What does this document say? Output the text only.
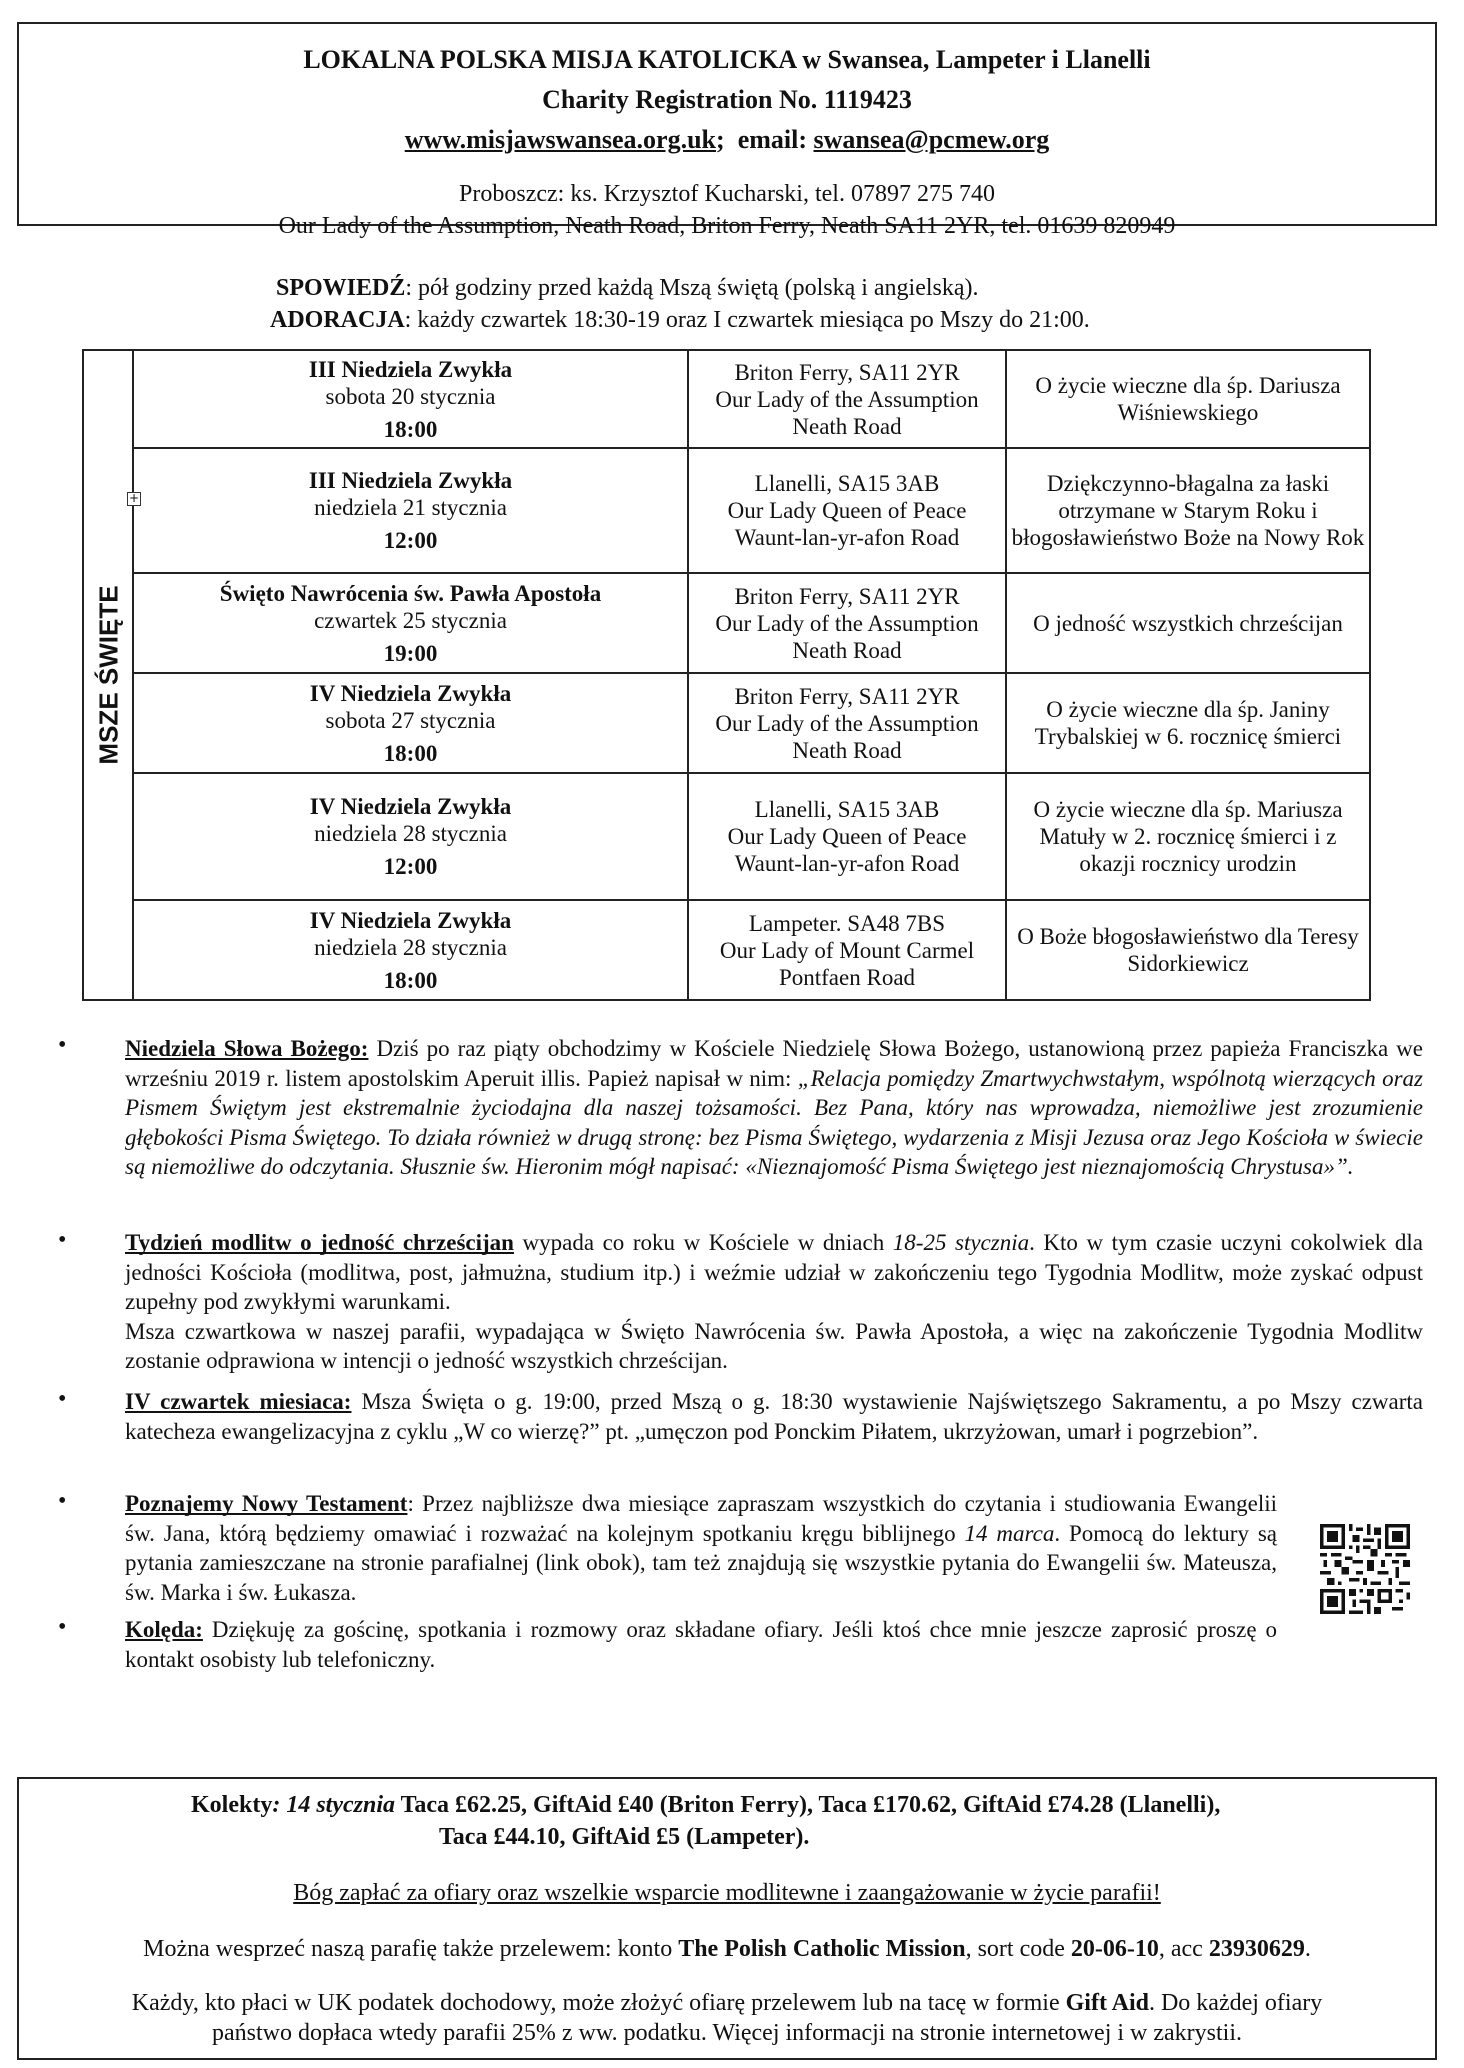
LOKALNA POLSKA MISJA KATOLICKA w Swansea, Lampeter i Llanelli
Charity Registration No. 1119423
www.misjawswansea.org.uk;  email: swansea@pcmew.org
Proboszcz: ks. Krzysztof Kucharski, tel. 07897 275 740
Our Lady of the Assumption, Neath Road, Briton Ferry, Neath SA11 2YR, tel. 01639 820949
SPOWIEDŹ: pół godziny przed każdą Mszą świętą (polską i angielską).
ADORACJA: każdy czwartek 18:30-19 oraz I czwartek miesiąca po Mszy do 21:00.
MSZE ŚWIĘTE
+
III Niedziela Zwykła
sobota 20 stycznia
18:00	Briton Ferry, SA11 2YR
Our Lady of the Assumption
Neath Road	O życie wieczne dla śp. Dariusza Wiśniewskiego

III Niedziela Zwykła
niedziela 21 stycznia
12:00	Llanelli, SA15 3AB
Our Lady Queen of Peace
Waunt-lan-yr-afon Road	Dziękczynno-błagalna za łaski otrzymane w Starym Roku i błogosławieństwo Boże na Nowy Rok

Święto Nawrócenia św. Pawła Apostoła
czwartek 25 stycznia
19:00	Briton Ferry, SA11 2YR
Our Lady of the Assumption
Neath Road	O jedność wszystkich chrześcijan

IV Niedziela Zwykła
sobota 27 stycznia
18:00	Briton Ferry, SA11 2YR
Our Lady of the Assumption
Neath Road	O życie wieczne dla śp. Janiny Trybalskiej w 6. rocznicę śmierci

IV Niedziela Zwykła
niedziela 28 stycznia
12:00	Llanelli, SA15 3AB
Our Lady Queen of Peace
Waunt-lan-yr-afon Road	O życie wieczne dla śp. Mariusza Matuły w 2. rocznicę śmierci i z okazji rocznicy urodzin

IV Niedziela Zwykła
niedziela 28 stycznia
18:00	Lampeter. SA48 7BS
Our Lady of Mount Carmel
Pontfaen Road	O Boże błogosławieństwo dla Teresy Sidorkiewicz
•	Niedziela Słowa Bożego: Dziś po raz piąty obchodzimy w Kościele Niedzielę Słowa Bożego, ustanowioną przez papieża Franciszka we wrześniu 2019 r. listem apostolskim Aperuit illis. Papież napisał w nim: „Relacja pomiędzy Zmartwychwstałym, wspólnotą wierzących oraz Pismem Świętym jest ekstremalnie życiodajna dla naszej tożsamości. Bez Pana, który nas wprowadza, niemożliwe jest zrozumienie głębokości Pisma Świętego. To działa również w drugą stronę: bez Pisma Świętego, wydarzenia z Misji Jezusa oraz Jego Kościoła w świecie są niemożliwe do odczytania. Słusznie św. Hieronim mógł napisać: «Nieznajomość Pisma Świętego jest nieznajomością Chrystusa»”.
•	Tydzień modlitw o jedność chrześcijan wypada co roku w Kościele w dniach 18-25 stycznia. Kto w tym czasie uczyni cokolwiek dla jedności Kościoła (modlitwa, post, jałmużna, studium itp.) i weźmie udział w zakończeniu tego Tygodnia Modlitw, może zyskać odpust zupełny pod zwykłymi warunkami.
Msza czwartkowa w naszej parafii, wypadająca w Święto Nawrócenia św. Pawła Apostoła, a więc na zakończenie Tygodnia Modlitw zostanie odprawiona w intencji o jedność wszystkich chrześcijan.
•	IV czwartek miesiaca: Msza Święta o g. 19:00, przed Mszą o g. 18:30 wystawienie Najświętszego Sakramentu, a po Mszy czwarta katecheza ewangelizacyjna z cyklu „W co wierzę?” pt. „umęczon pod Ponckim Piłatem, ukrzyżowan, umarł i pogrzebion”.
•	Poznajemy Nowy Testament: Przez najbliższe dwa miesiące zapraszam wszystkich do czytania i studiowania Ewangelii św. Jana, którą będziemy omawiać i rozważać na kolejnym spotkaniu kręgu biblijnego 14 marca. Pomocą do lektury są pytania zamieszczane na stronie parafialnej (link obok), tam też znajdują się wszystkie pytania do Ewangelii św. Mateusza, św. Marka i św. Łukasza.
•	Kolęda: Dziękuję za gościnę, spotkania i rozmowy oraz składane ofiary. Jeśli ktoś chce mnie jeszcze zaprosić proszę o kontakt osobisty lub telefoniczny.
Kolekty: 14 stycznia Taca £62.25, GiftAid £40 (Briton Ferry), Taca £170.62, GiftAid £74.28 (Llanelli),
Taca £44.10, GiftAid £5 (Lampeter).
Bóg zapłać za ofiary oraz wszelkie wsparcie modlitewne i zaangażowanie w życie parafii!
Można wesprzeć naszą parafię także przelewem: konto The Polish Catholic Mission, sort code 20-06-10, acc 23930629.
Każdy, kto płaci w UK podatek dochodowy, może złożyć ofiarę przelewem lub na tacę w formie Gift Aid. Do każdej ofiary
państwo dopłaca wtedy parafii 25% z ww. podatku. Więcej informacji na stronie internetowej i w zakrystii.
